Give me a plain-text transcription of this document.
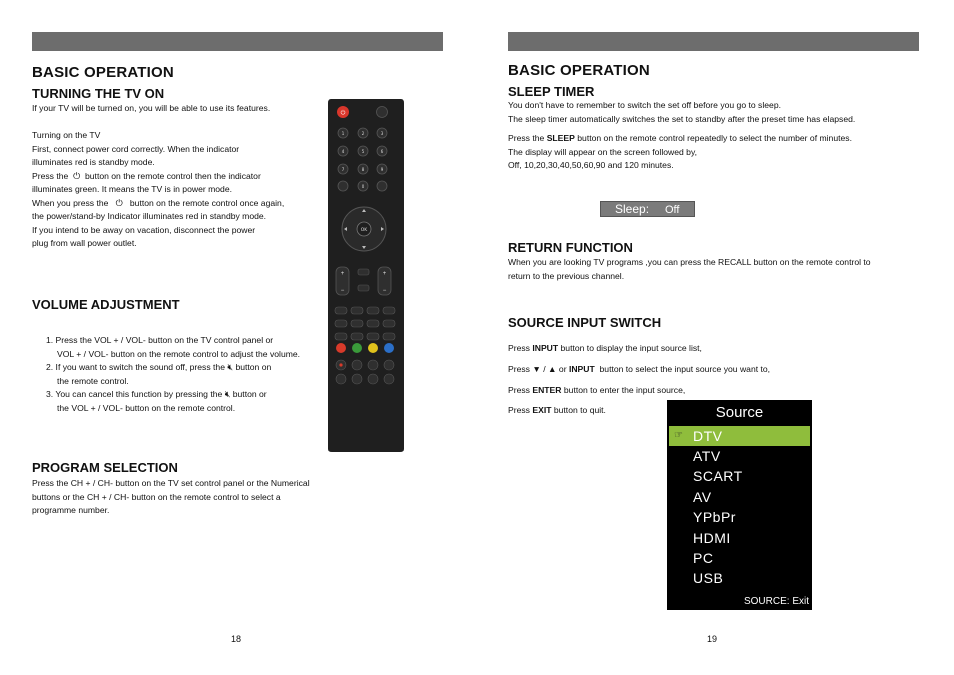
BASIC OPERATION
TURNING THE TV ON
If your TV will be turned on, you will be able to use its features.
Turning on the TV
First, connect power cord correctly. When the indicator
illuminates red is standby mode.
Press the ⏻ button on the remote control then the indicator
illuminates green. It means the TV is in power mode.
When you press the ⏻ button on the remote control once again,
the power/stand-by Indicator illuminates red in standby mode.
If you intend to be away on vacation, disconnect the power
plug from wall power outlet.
VOLUME ADJUSTMENT
1. Press the VOL + / VOL- button on the TV control panel or
VOL + / VOL- button on the remote control to adjust the volume.
2. If you want to switch the sound off, press the 🔇︎ button on
the remote control.
3. You can cancel this function by pressing the 🔇︎ button or
the VOL + / VOL- button on the remote control.
PROGRAM SELECTION
Press the CH + / CH- button on the TV set control panel or the Numerical
buttons or the CH + / CH- button on the remote control to select a
programme number.
18
⏻
1	2	3
4	5	6
7	8	9
0
OK
+
−
+
−
BASIC OPERATION
SLEEP TIMER
You don't have to remember to switch the set off before you go to sleep.
The sleep timer automatically switches the set to standby after the preset time has elapsed.
Press the SLEEP button on the remote control repeatedly to select the number of minutes.
The display will appear on the screen followed by,
Off, 10,20,30,40,50,60,90 and 120 minutes.
Sleep: Off
RETURN FUNCTION
When you are looking TV programs ,you can press the RECALL button on the remote control to
return to the previous channel.
SOURCE INPUT SWITCH
Press INPUT button to display the input source list,
Press ▼ / ▲ or INPUT button to select the input source you want to,
Press ENTER button to enter the input source,
Press EXIT button to quit.	Source
☞ DTV
ATV
SCART
AV
YPbPr
HDMI
PC
USB
SOURCE: Exit
19
